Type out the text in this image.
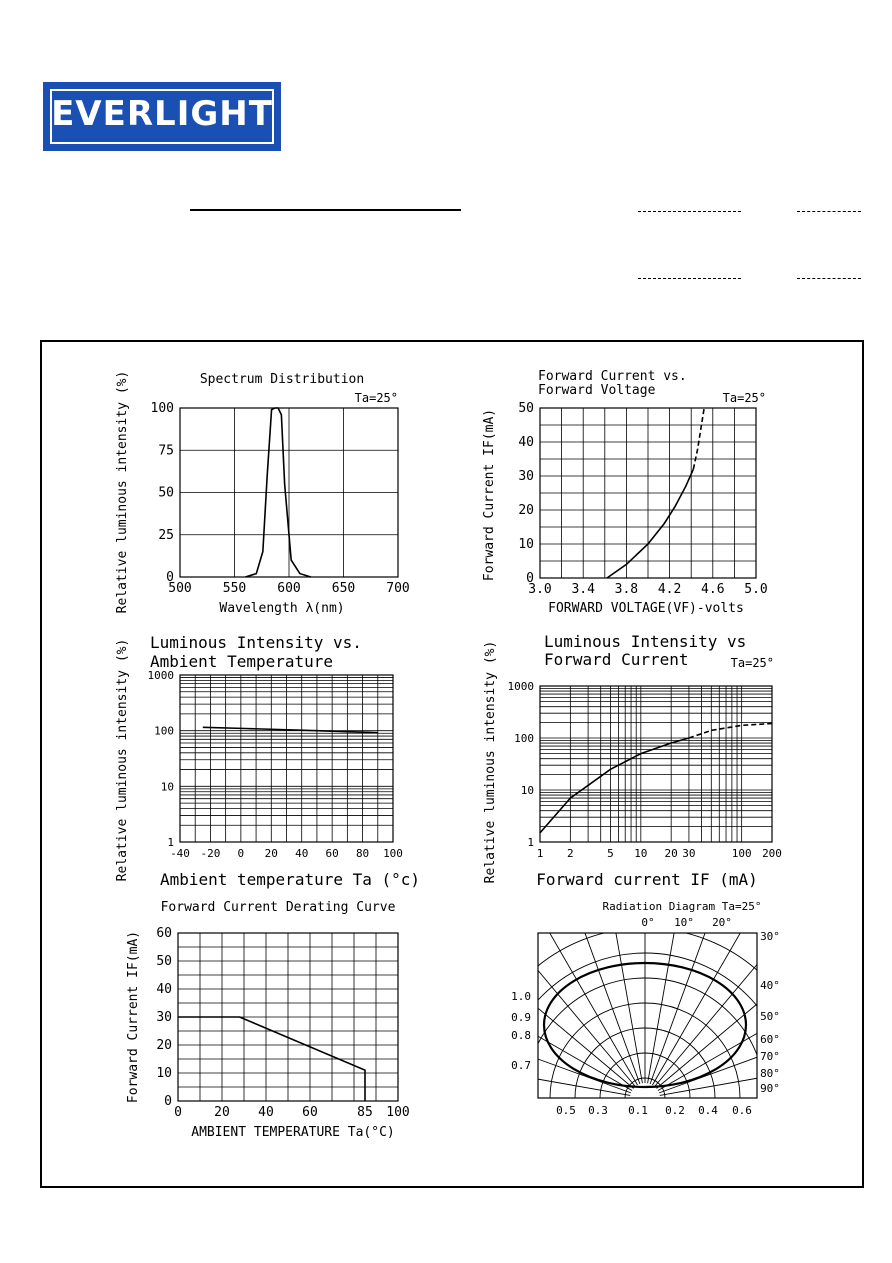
EVERLIGHT
500 550 600 650 700
0
25
50
75
100
Spectrum Distribution
Ta=25°
Wavelength λ(nm)
Relative luminous intensity (%)	3.0 3.4 3.8 4.2 4.6 5.0
0
10
20
30
40
50
Forward Current vs.
Forward Voltage	Ta=25°
FORWARD VOLTAGE(VF)-volts
Forward Current IF(mA)
-40 -20 0 20 40 60 80 100
1
10
100
1000
Luminous Intensity vs.
Ambient Temperature
Ambient temperature Ta (°c)
Relative luminous intensity (%)	1 2	5 10 20 30	100 200
1
10
100
1000
Luminous Intensity vs
Forward Current	Ta=25°
Forward current IF (mA)
Relative luminous intensity (%)
0 20 40 60	85 100
0
10
20
30
40
50
60
Forward Current Derating Curve
AMBIENT TEMPERATURE Ta(°C)
Forward Current IF(mA)
Radiation Diagram Ta=25°
0° 10° 20°
30°
40°
50°
60°
70°
80°
90°
1.0
0.9
0.8
0.7
0.5 0.3 0.1 0.2 0.4 0.6
